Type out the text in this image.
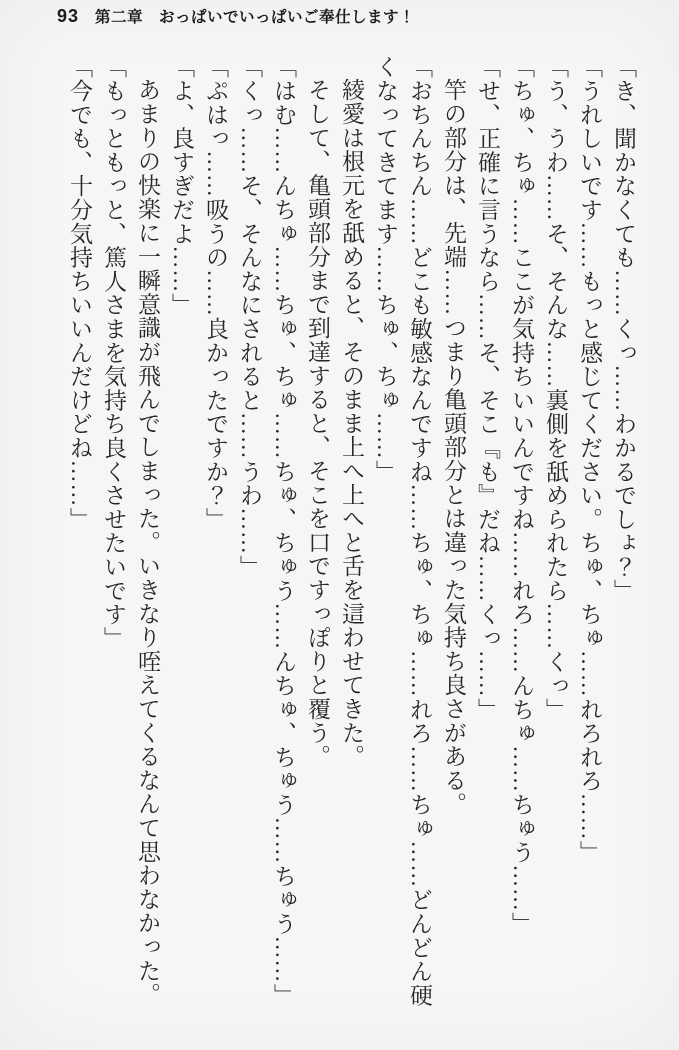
93 第二章　おっぱいでいっぱいご奉仕します！

「き、聞かなくても……くっ……わかるでしょ？」

「うれしいです……もっと感じてください。ちゅ、ちゅ……れろれろ……」

「う、うわ……そ、そんな……裏側を舐められたら……くっ」

「ちゅ、ちゅ……ここが気持ちいいんですね……れろ……んちゅ……ちゅう……」

「せ、正確に言うなら……そ、そこ『も』だね……くっ……」

竿の部分は、先端……つまり亀頭部分とは違った気持ち良さがある。

「おちんちん……どこも敏感なんですね……ちゅ、ちゅ……れろ……ちゅ……どんどん硬くなってきてます……ちゅ、ちゅ……」

綾愛は根元を舐めると、そのまま上へ上へと舌を這わせてきた。

そして、亀頭部分まで到達すると、そこを口ですっぽりと覆う。

「はむ……んちゅ……ちゅ、ちゅ……ちゅ、ちゅう……んちゅ、ちゅう……ちゅう……」

「くっ……そ、そんなにされると……うわ……」

「ぷはっ……吸うの……良かったですか？」

「よ、良すぎだよ……」

あまりの快楽に一瞬意識が飛んでしまった。いきなり咥えてくるなんて思わなかった。

「もっともっと、篤人さまを気持ち良くさせたいです」

「今でも、十分気持ちいいんだけどね……」
